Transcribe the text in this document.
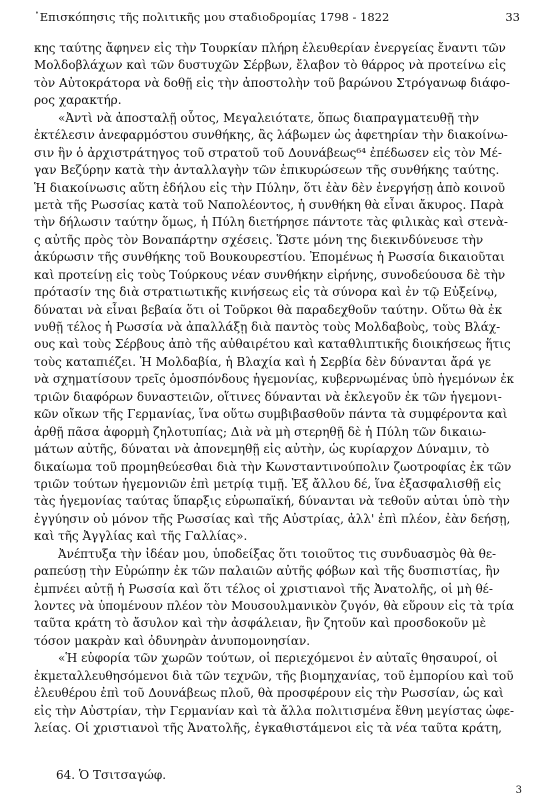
᾽Επισκόπησις τῆς πολιτικῆς μου σταδιοδρομίας 1798 - 1822	33
κης ταύτης ἄφηνεν εἰς τὴν Τουρκίαν πλήρη ἐλευθερίαν ἐνεργείας ἔναντι τῶν
Μολδοβλάχων καὶ τῶν δυστυχῶν Σέρβων, ἔλαβον τὸ θάρρος νὰ προτείνω εἰς
τὸν Αὐτοκράτορα νὰ δοθῇ εἰς τὴν ἀποστολὴν τοῦ βαρώνου Στρόγανωφ διάφο-
ρος χαρακτήρ.
«Ἀντὶ νὰ ἀποσταλῇ οὗτος, Μεγαλειότατε, ὅπως διαπραγματευθῇ τὴν
ἐκτέλεσιν ἀνεφαρμόστου συνθήκης, ἂς λάβωμεν ὡς ἀφετηρίαν τὴν διακοίνω-
σιν ἣν ὁ ἀρχιστράτηγος τοῦ στρατοῦ τοῦ Δουνάβεως⁶⁴ ἐπέδωσεν εἰς τὸν Μέ-
γαν Βεζύρην κατὰ τὴν ἀνταλλαγὴν τῶν ἐπικυρώσεων τῆς συνθήκης ταύτης.
Ἡ διακοίνωσις αὕτη ἐδήλου εἰς τὴν Πύλην, ὅτι ἐὰν δὲν ἐνεργήσῃ ἀπὸ κοινοῦ
μετὰ τῆς Ρωσσίας κατὰ τοῦ Ναπολέοντος, ἡ συνθήκη θὰ εἶναι ἄκυρος. Παρὰ
τὴν δήλωσιν ταύτην ὅμως, ἡ Πύλη διετήρησε πάντοτε τὰς φιλικὰς καὶ στενὰ-
ς αὐτῆς πρὸς τὸν Βοναπάρτην σχέσεις. Ὥστε μόνη της διεκινδύνευσε τὴν
ἀκύρωσιν τῆς συνθήκης τοῦ Βουκουρεστίου. Ἐπομένως ἡ Ρωσσία δικαιοῦται
καὶ προτείνῃ εἰς τοὺς Τούρκους νέαν συνθήκην εἰρήνης, συνοδεύουσα δὲ τὴν
πρότασίν της διὰ στρατιωτικῆς κινήσεως εἰς τὰ σύνορα καὶ ἐν τῷ Εὐξείνῳ,
δύναται νὰ εἶναι βεβαία ὅτι οἱ Τοῦρκοι θὰ παραδεχθοῦν ταύτην. Οὕτω θὰ ἐκ
νυθῇ τέλος ἡ Ρωσσία νὰ ἀπαλλάξῃ διὰ παντὸς τοὺς Μολδαβοὺς, τοὺς Βλάχ-
ους καὶ τοὺς Σέρβους ἀπὸ τῆς αὐθαιρέτου καὶ καταθλιπτικῆς διοικήσεως ἥτις
τοὺς καταπιέζει. Ἡ Μολδαβία, ἡ Βλαχία καὶ ἡ Σερβία δὲν δύνανται ἄρά γε
νὰ σχηματίσουν τρεῖς ὁμοσπόνδους ἡγεμονίας, κυβερνωμένας ὑπὸ ἡγεμόνων ἐκ
τριῶν διαφόρων δυναστειῶν, οἵτινες δύνανται νὰ ἐκλεγοῦν ἐκ τῶν ἡγεμονι-
κῶν οἴκων τῆς Γερμανίας, ἵνα οὕτω συμβιβασθοῦν πάντα τὰ συμφέροντα καὶ
ἀρθῇ πᾶσα ἀφορμὴ ζηλοτυπίας; Διὰ νὰ μὴ στερηθῇ δὲ ἡ Πύλη τῶν δικαιω-
μάτων αὐτῆς, δύναται νὰ ἀπονεμηθῇ εἰς αὐτὴν, ὡς κυρίαρχον Δύναμιν, τὸ
δικαίωμα τοῦ προμηθεύεσθαι διὰ τὴν Κωνσταντινούπολιν ζωοτροφίας ἐκ τῶν
τριῶν τούτων ἡγεμονιῶν ἐπὶ μετρίᾳ τιμῇ. Ἐξ ἄλλου δέ, ἵνα ἐξασφαλισθῇ εἰς
τὰς ἡγεμονίας ταύτας ὕπαρξις εὐρωπαϊκή, δύνανται νὰ τεθοῦν αὐται ὑπὸ τὴν
ἐγγύησιν οὐ μόνον τῆς Ρωσσίας καὶ τῆς Αὐστρίας, ἀλλ' ἐπὶ πλέον, ἐὰν δεήσῃ,
καὶ τῆς Ἀγγλίας καὶ τῆς Γαλλίας».
Ἀνέπτυξα τὴν ἰδέαν μου, ὑποδείξας ὅτι τοιοῦτος τις συνδυασμὸς θὰ θε-
ραπεύσῃ τὴν Εὐρώπην ἐκ τῶν παλαιῶν αὐτῆς φόβων καὶ τῆς δυσπιστίας, ἣν
ἐμπνέει αὐτῇ ἡ Ρωσσία καὶ ὅτι τέλος οἱ χριστιανοὶ τῆς Ἀνατολῆς, οἱ μὴ θέ-
λοντες νὰ ὑπομένουν πλέον τὸν Μουσουλμανικὸν ζυγόν, θὰ εὕρουν εἰς τὰ τρία
ταῦτα κράτη τὸ ἄσυλον καὶ τὴν ἀσφάλειαν, ἣν ζητοῦν καὶ προσδοκοῦν μὲ
τόσον μακρὰν καὶ ὀδυνηρὰν ἀνυπομονησίαν.
«Ἡ εὐφορία τῶν χωρῶν τούτων, οἱ περιεχόμενοι ἐν αὐταῖς θησαυροί, οἱ
ἐκμεταλλευθησόμενοι διὰ τῶν τεχνῶν, τῆς βιομηχανίας, τοῦ ἐμπορίου καὶ τοῦ
ἐλευθέρου ἐπὶ τοῦ Δουνάβεως πλοῦ, θὰ προσφέρουν εἰς τὴν Ρωσσίαν, ὡς καὶ
εἰς τὴν Αὐστρίαν, τὴν Γερμανίαν καὶ τὰ ἄλλα πολιτισμένα ἔθνη μεγίστας ὠφε-
λείας. Οἱ χριστιανοὶ τῆς Ἀνατολῆς, ἐγκαθιστάμενοι εἰς τὰ νέα ταῦτα κράτη,
64. Ὁ Τσιτσαγώφ.
3
